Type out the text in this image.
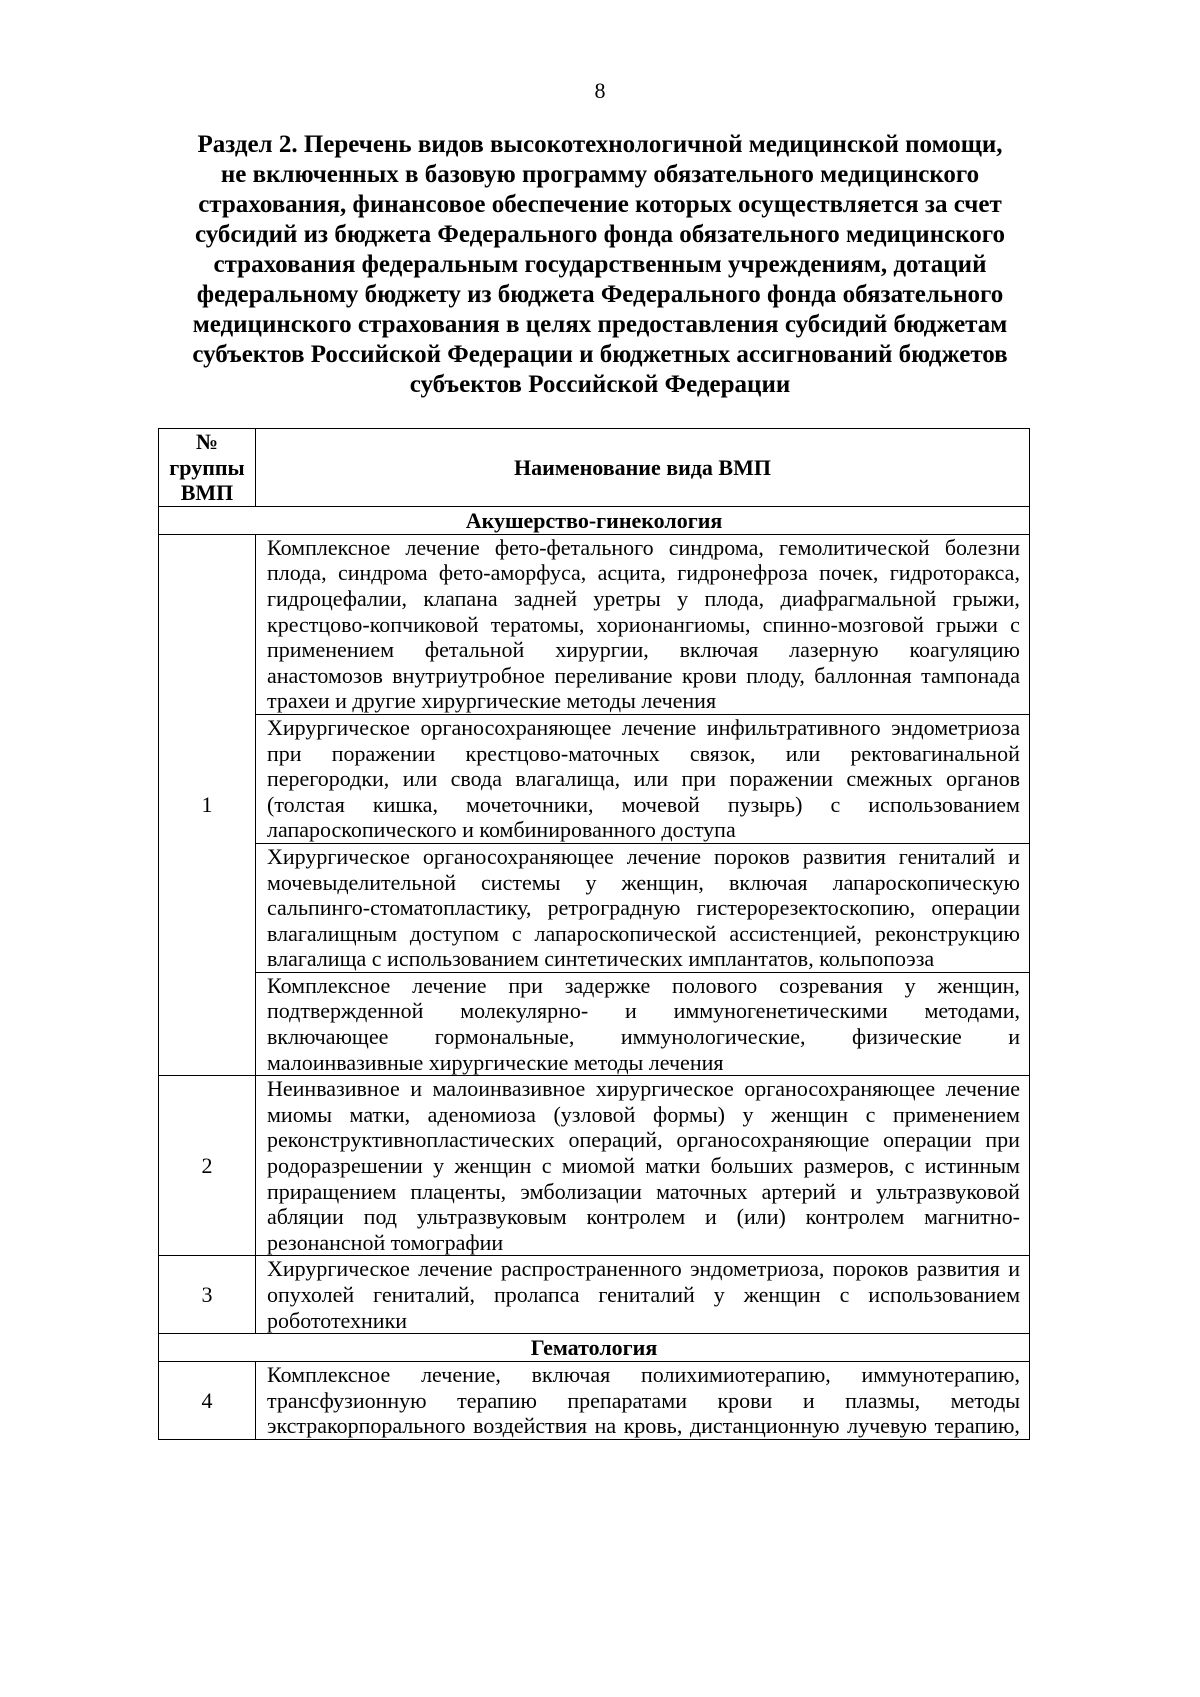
8
Раздел 2. Перечень видов высокотехнологичной медицинской помощи,
не включенных в базовую программу обязательного медицинского
страхования, финансовое обеспечение которых осуществляется за счет
субсидий из бюджета Федерального фонда обязательного медицинского
страхования федеральным государственным учреждениям, дотаций
федеральному бюджету из бюджета Федерального фонда обязательного
медицинского страхования в целях предоставления субсидий бюджетам
субъектов Российской Федерации и бюджетных ассигнований бюджетов
субъектов Российской Федерации
№
группы
ВМП
Наименование вида ВМП
Акушерство-гинекология
1
Комплексное лечение фето-фетального синдрома, гемолитической болезни
плода, синдрома фето-аморфуса, асцита, гидронефроза почек, гидроторакса,
гидроцефалии, клапана задней уретры у плода, диафрагмальной грыжи,
крестцово-копчиковой тератомы, хорионангиомы, спинно-мозговой грыжи с
применением фетальной хирургии, включая лазерную коагуляцию
анастомозов внутриутробное переливание крови плоду, баллонная тампонада
трахеи и другие хирургические методы лечения
Хирургическое органосохраняющее лечение инфильтративного эндометриоза
при поражении крестцово-маточных связок, или ректовагинальной
перегородки, или свода влагалища, или при поражении смежных органов
(толстая кишка, мочеточники, мочевой пузырь) с использованием
лапароскопического и комбинированного доступа
Хирургическое органосохраняющее лечение пороков развития гениталий и
мочевыделительной системы у женщин, включая лапароскопическую
сальпинго-стоматопластику, ретроградную гистерорезектоскопию, операции
влагалищным доступом с лапароскопической ассистенцией, реконструкцию
влагалища с использованием синтетических имплантатов, кольпопоэза
Комплексное лечение при задержке полового созревания у женщин,
подтвержденной молекулярно- и иммуногенетическими методами,
включающее гормональные, иммунологические, физические и
малоинвазивные хирургические методы лечения
2
Неинвазивное и малоинвазивное хирургическое органосохраняющее лечение
миомы матки, аденомиоза (узловой формы) у женщин с применением
реконструктивнопластических операций, органосохраняющие операции при
родоразрешении у женщин с миомой матки больших размеров, с истинным
приращением плаценты, эмболизации маточных артерий и ультразвуковой
абляции под ультразвуковым контролем и (или) контролем магнитно-
резонансной томографии
3
Хирургическое лечение распространенного эндометриоза, пороков развития и
опухолей гениталий, пролапса гениталий у женщин с использованием
робототехники
Гематология
4
Комплексное лечение, включая полихимиотерапию, иммунотерапию,
трансфузионную терапию препаратами крови и плазмы, методы
экстракорпорального воздействия на кровь, дистанционную лучевую терапию,
